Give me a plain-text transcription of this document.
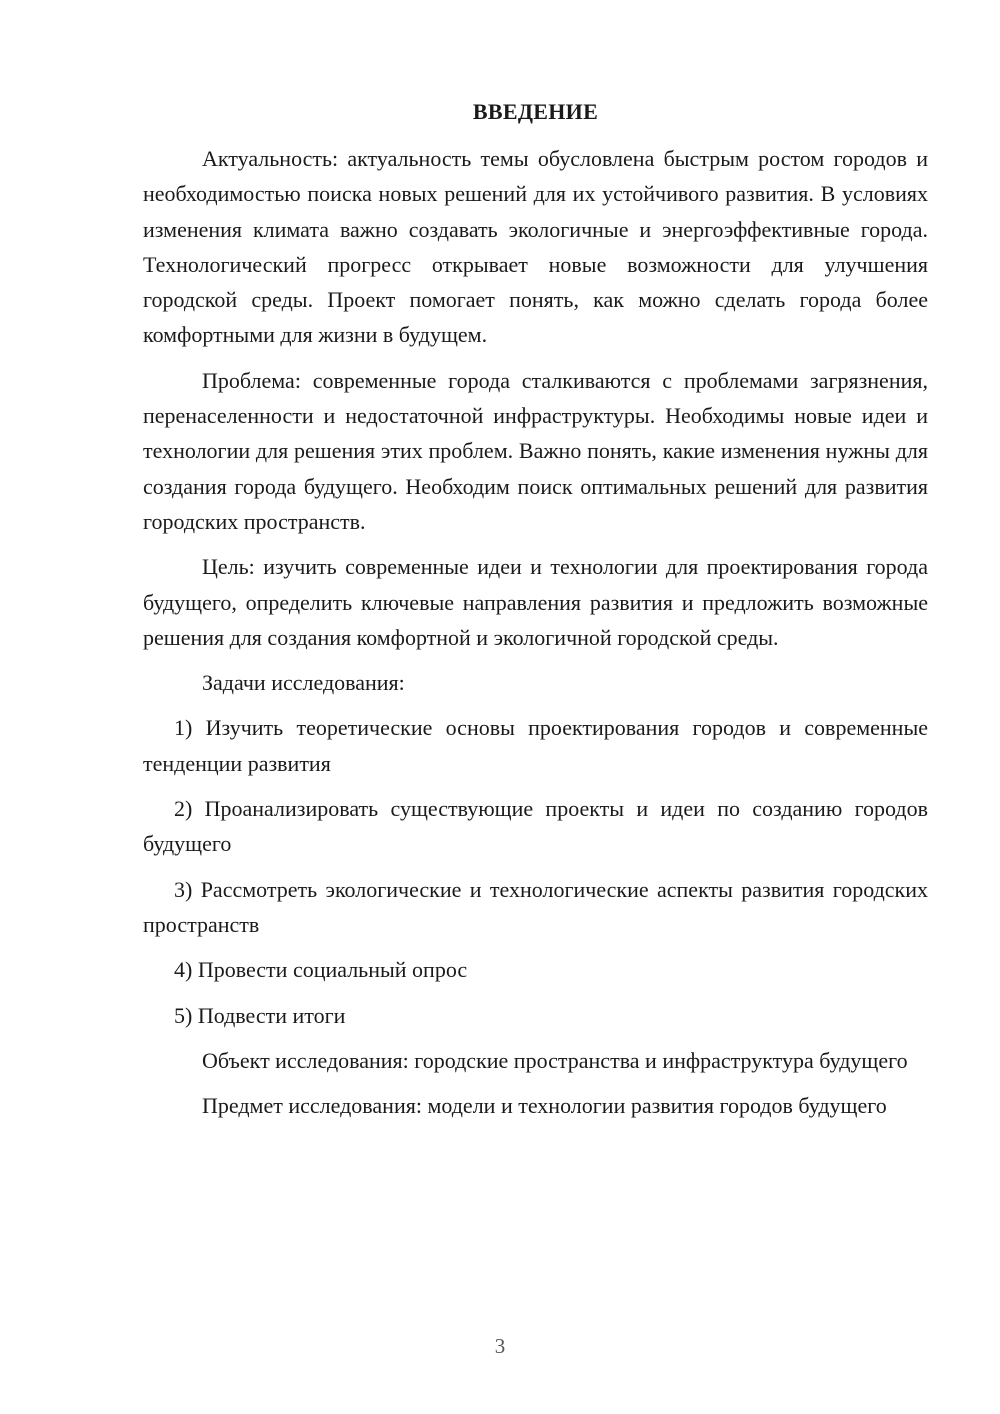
ВВЕДЕНИЕ

Актуальность: актуальность темы обусловлена быстрым ростом городов и необходимостью поиска новых решений для их устойчивого развития. В условиях изменения климата важно создавать экологичные и энергоэффективные города. Технологический прогресс открывает новые возможности для улучшения городской среды. Проект помогает понять, как можно сделать города более комфортными для жизни в будущем.

Проблема: современные города сталкиваются с проблемами загрязнения, перенаселенности и недостаточной инфраструктуры. Необходимы новые идеи и технологии для решения этих проблем. Важно понять, какие изменения нужны для создания города будущего. Необходим поиск оптимальных решений для развития городских пространств.

Цель: изучить современные идеи и технологии для проектирования города будущего, определить ключевые направления развития и предложить возможные решения для создания комфортной и экологичной городской среды.

Задачи исследования:

1) Изучить теоретические основы проектирования городов и современные тенденции развития

2) Проанализировать существующие проекты и идеи по созданию городов будущего

3) Рассмотреть экологические и технологические аспекты развития городских пространств

4) Провести социальный опрос

5) Подвести итоги

Объект исследования: городские пространства и инфраструктура будущего

Предмет исследования: модели и технологии развития городов будущего

3
